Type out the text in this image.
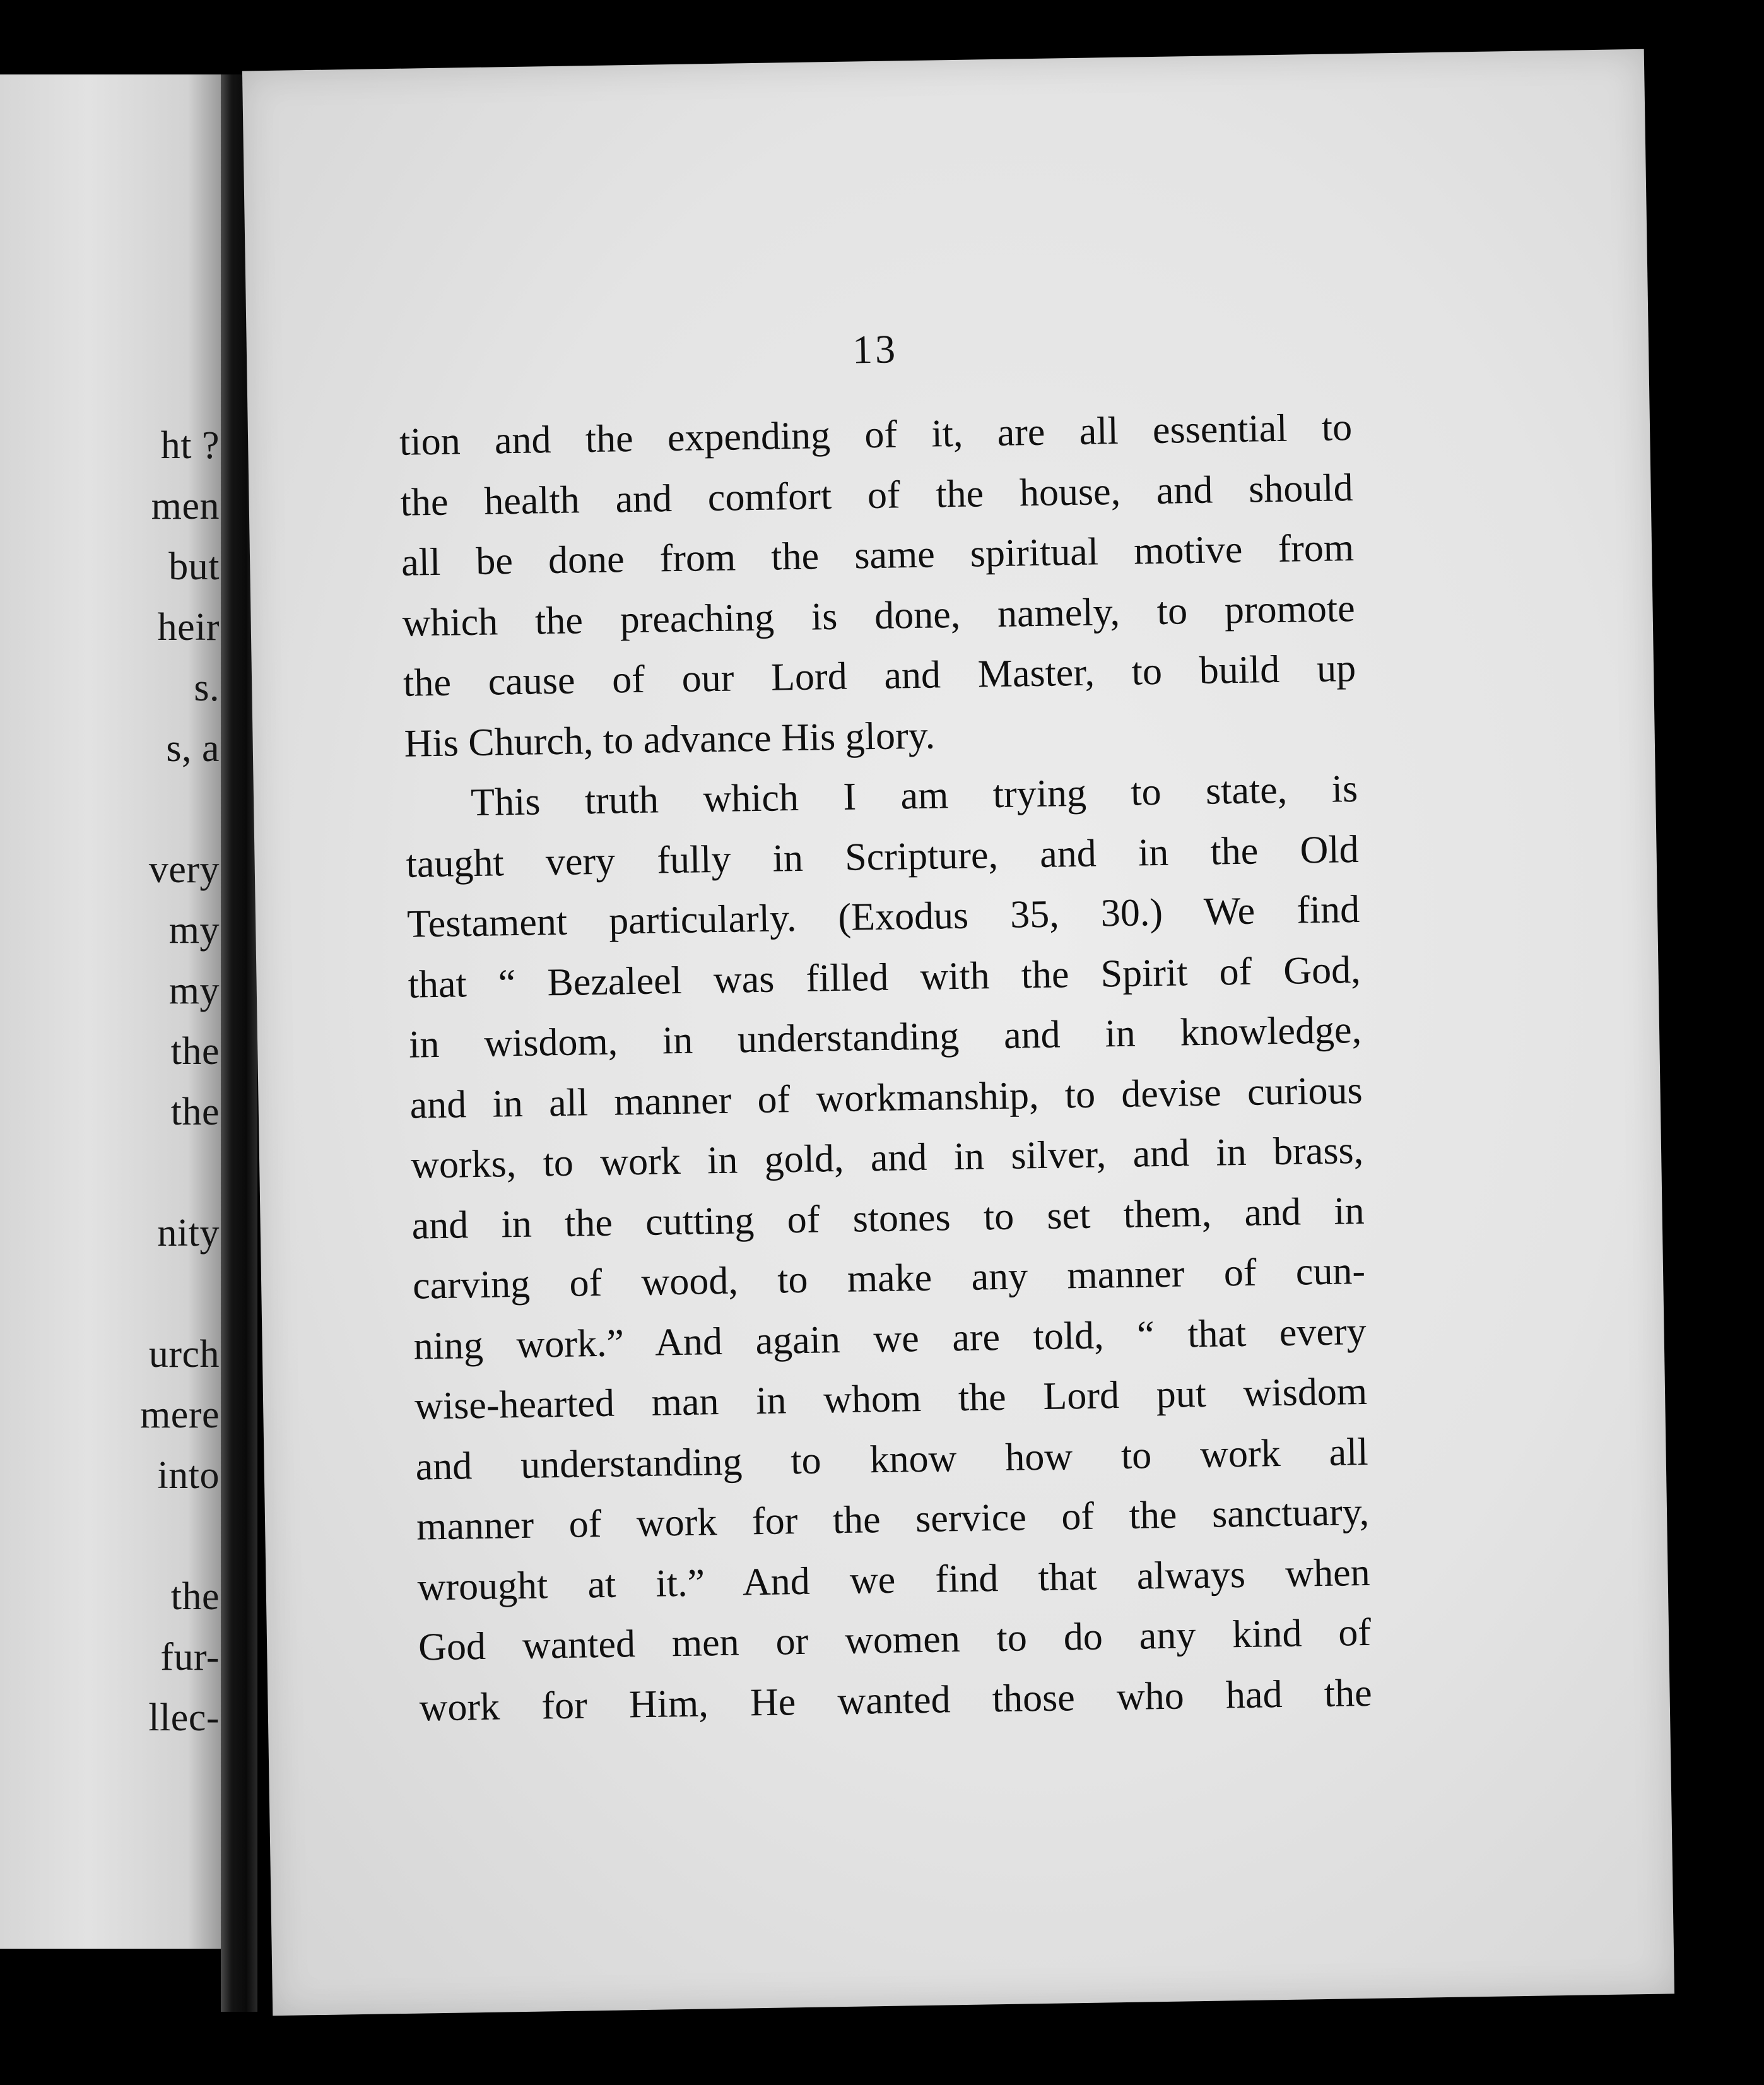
ht ?
men
but
heir
s.
s, a
very
my
my
the
the
nity
urch
mere
into
the
fur-
llec-
13
tion and the expending of it, are all essential to
the health and comfort of the house, and should
all be done from the same spiritual motive from
which the preaching is done, namely, to promote
the cause of our Lord and Master, to build up
His Church, to advance His glory.
This truth which I am trying to state, is
taught very fully in Scripture, and in the Old
Testament particularly. (Exodus 35, 30.) We find
that “ Bezaleel was filled with the Spirit of God,
in wisdom, in understanding and in knowledge,
and in all manner of workmanship, to devise curious
works, to work in gold, and in silver, and in brass,
and in the cutting of stones to set them, and in
carving of wood, to make any manner of cun-
ning work.” And again we are told, “ that every
wise-hearted man in whom the Lord put wisdom
and understanding to know how to work all
manner of work for the service of the sanctuary,
wrought at it.” And we find that always when
God wanted men or women to do any kind of
work for Him, He wanted those who had the
